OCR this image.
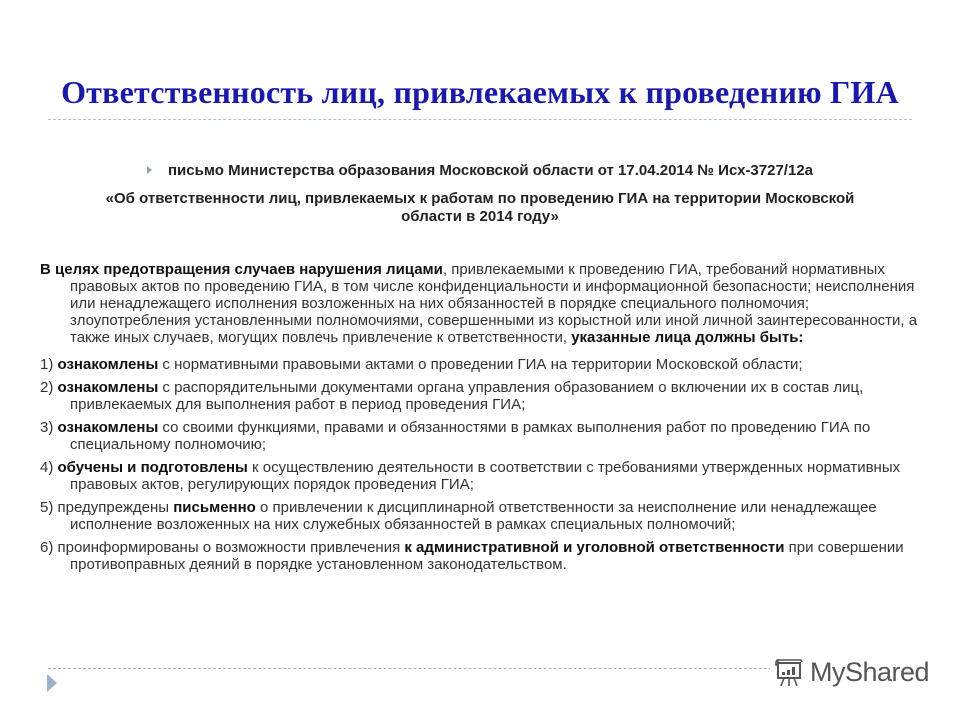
Ответственность лиц, привлекаемых к проведению ГИА
письмо Министерства образования Московской области от 17.04.2014 № Исх-3727/12а
«Об ответственности лиц, привлекаемых к работам по проведению ГИА на территории Московской
области в 2014 году»
В целях предотвращения случаев нарушения лицами, привлекаемыми к проведению ГИА, требований нормативных правовых актов по проведению ГИА, в том числе конфиденциальности и информационной безопасности; неисполнения или ненадлежащего исполнения возложенных на них обязанностей в порядке специального полномочия; злоупотребления установленными полномочиями, совершенными из корыстной или иной личной заинтересованности, а также иных случаев, могущих повлечь привлечение к ответственности, указанные лица должны быть:
1) ознакомлены с нормативными правовыми актами о проведении ГИА на территории Московской области;
2) ознакомлены с распорядительными документами органа управления образованием о включении их в состав лиц, привлекаемых для выполнения работ в период проведения ГИА;
3) ознакомлены со своими функциями, правами и обязанностями в рамках выполнения работ по проведению ГИА по специальному полномочию;
4) обучены и подготовлены к осуществлению деятельности в соответствии с требованиями утвержденных нормативных правовых актов, регулирующих порядок проведения ГИА;
5) предупреждены письменно о привлечении к дисциплинарной ответственности за неисполнение или ненадлежащее исполнение возложенных на них служебных обязанностей в рамках специальных полномочий;
6) проинформированы о возможности привлечения к административной и уголовной ответственности при совершении противоправных деяний в порядке установленном законодательством.
MyShared
